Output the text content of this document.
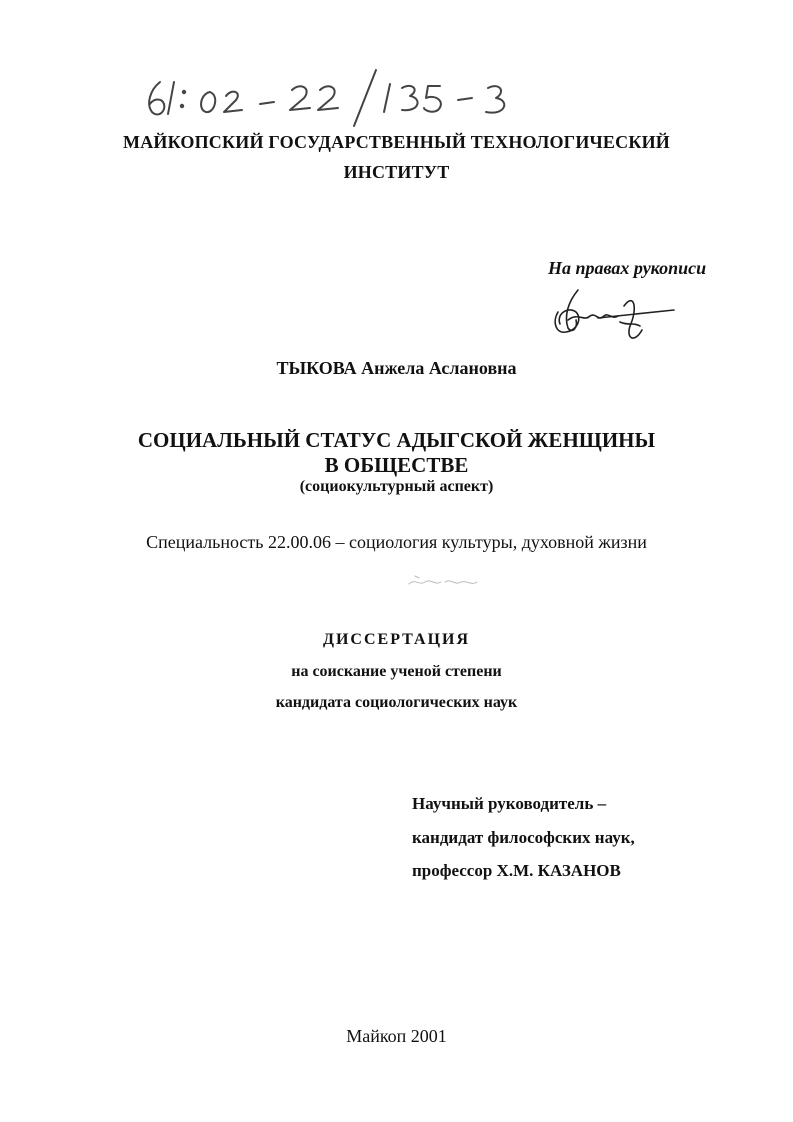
61: 02-22/135-3
МАЙКОПСКИЙ ГОСУДАРСТВЕННЫЙ ТЕХНОЛОГИЧЕСКИЙ
ИНСТИТУТ
На правах рукописи
ТЫКОВА Анжела Аслановна
СОЦИАЛЬНЫЙ СТАТУС АДЫГСКОЙ ЖЕНЩИНЫ
В ОБЩЕСТВЕ
(социокультурный аспект)
Специальность 22.00.06 – социология культуры, духовной жизни
ДИССЕРТАЦИЯ
на соискание ученой степени
кандидата социологических наук
Научный руководитель –
кандидат философских наук,
профессор Х.М. КАЗАНОВ
Майкоп 2001
